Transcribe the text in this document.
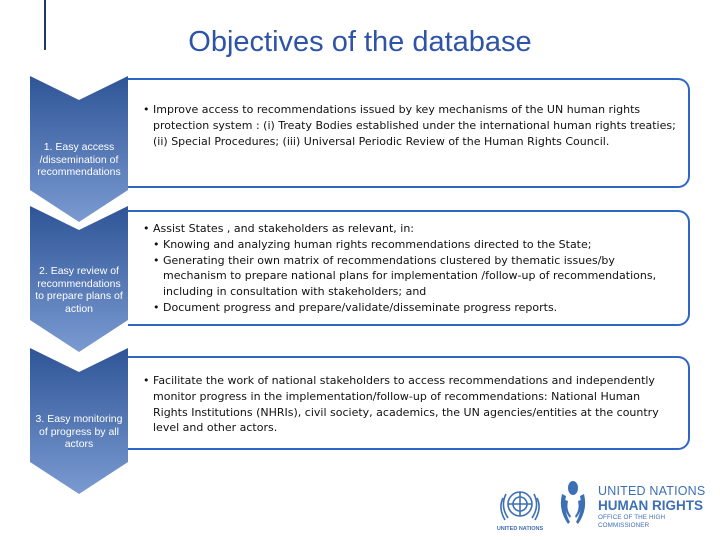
Objectives of the database
1. Easy access /dissemination of recommendations
• Improve access to recommendations issued by key mechanisms of the UN human rights protection system : (i) Treaty Bodies established under the international human rights treaties; (ii) Special Procedures; (iii) Universal Periodic Review of the Human Rights Council.
2. Easy review of recommendations to prepare plans of action
• Assist States , and stakeholders as relevant, in:
• Knowing and analyzing human rights recommendations directed to the State;
• Generating their own matrix of recommendations clustered by thematic issues/by mechanism to prepare national plans for implementation /follow-up of recommendations, including in consultation with stakeholders; and
• Document progress and prepare/validate/disseminate progress reports.
3. Easy monitoring of progress by all actors
• Facilitate the work of national stakeholders to access recommendations and independently monitor progress in the implementation/follow-up of recommendations: National Human Rights Institutions (NHRIs), civil society, academics, the UN agencies/entities at the country level and other actors.
UNITED NATIONS
UNITED NATIONS
HUMAN RIGHTS
OFFICE OF THE HIGH COMMISSIONER
